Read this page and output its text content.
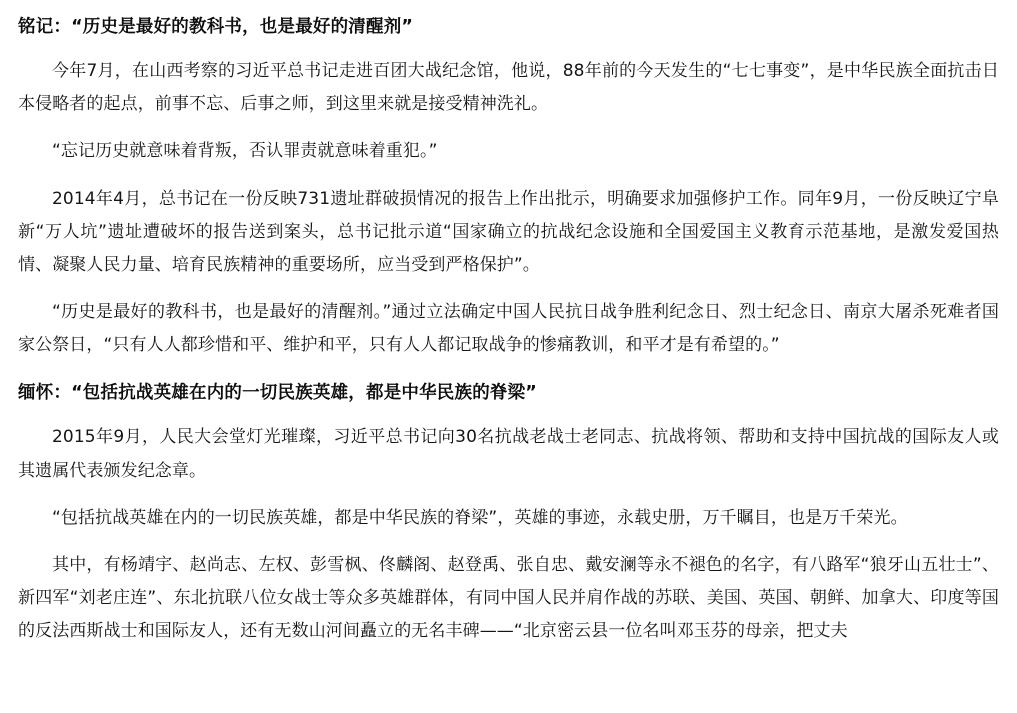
铭记：“历史是最好的教科书，也是最好的清醒剂”

今年7月，在山西考察的习近平总书记走进百团大战纪念馆，他说，88年前的今天发生的“七七事变”，是中华民族全面抗击日本侵略者的起点，前事不忘、后事之师，到这里来就是接受精神洗礼。

“忘记历史就意味着背叛，否认罪责就意味着重犯。”

2014年4月，总书记在一份反映731遗址群破损情况的报告上作出批示，明确要求加强修护工作。同年9月，一份反映辽宁阜新“万人坑”遗址遭破坏的报告送到案头，总书记批示道“国家确立的抗战纪念设施和全国爱国主义教育示范基地，是激发爱国热情、凝聚人民力量、培育民族精神的重要场所，应当受到严格保护”。

“历史是最好的教科书，也是最好的清醒剂。”通过立法确定中国人民抗日战争胜利纪念日、烈士纪念日、南京大屠杀死难者国家公祭日，“只有人人都珍惜和平、维护和平，只有人人都记取战争的惨痛教训，和平才是有希望的。”

缅怀：“包括抗战英雄在内的一切民族英雄，都是中华民族的脊梁”

2015年9月，人民大会堂灯光璀璨，习近平总书记向30名抗战老战士老同志、抗战将领、帮助和支持中国抗战的国际友人或其遗属代表颁发纪念章。

“包括抗战英雄在内的一切民族英雄，都是中华民族的脊梁”，英雄的事迹，永载史册，万千瞩目，也是万千荣光。

其中，有杨靖宇、赵尚志、左权、彭雪枫、佟麟阁、赵登禹、张自忠、戴安澜等永不褪色的名字，有八路军“狼牙山五壮士”、新四军“刘老庄连”、东北抗联八位女战士等众多英雄群体，有同中国人民并肩作战的苏联、美国、英国、朝鲜、加拿大、印度等国的反法西斯战士和国际友人，还有无数山河间矗立的无名丰碑——“北京密云县一位名叫邓玉芬的母亲，把丈夫
